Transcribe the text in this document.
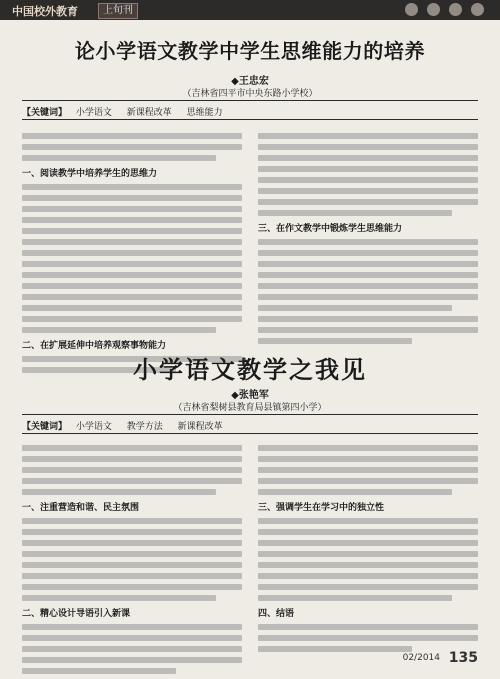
中国校外教育	上旬刊
论小学语文教学中学生思维能力的培养
◆王忠宏
（吉林省四平市中央东路小学校）
【关键词】 小学语文 新课程改革 思维能力
一、阅读教学中培养学生的思维力
二、在扩展延伸中培养观察事物能力
三、在作文教学中锻炼学生思维能力
小学语文教学之我见
◆张艳军
（吉林省梨树县教育局县镇第四小学）
【关键词】 小学语文 教学方法 新课程改革
一、注重营造和谐、民主氛围
二、精心设计导语引入新课
三、强调学生在学习中的独立性
四、结语
02/2014 135
